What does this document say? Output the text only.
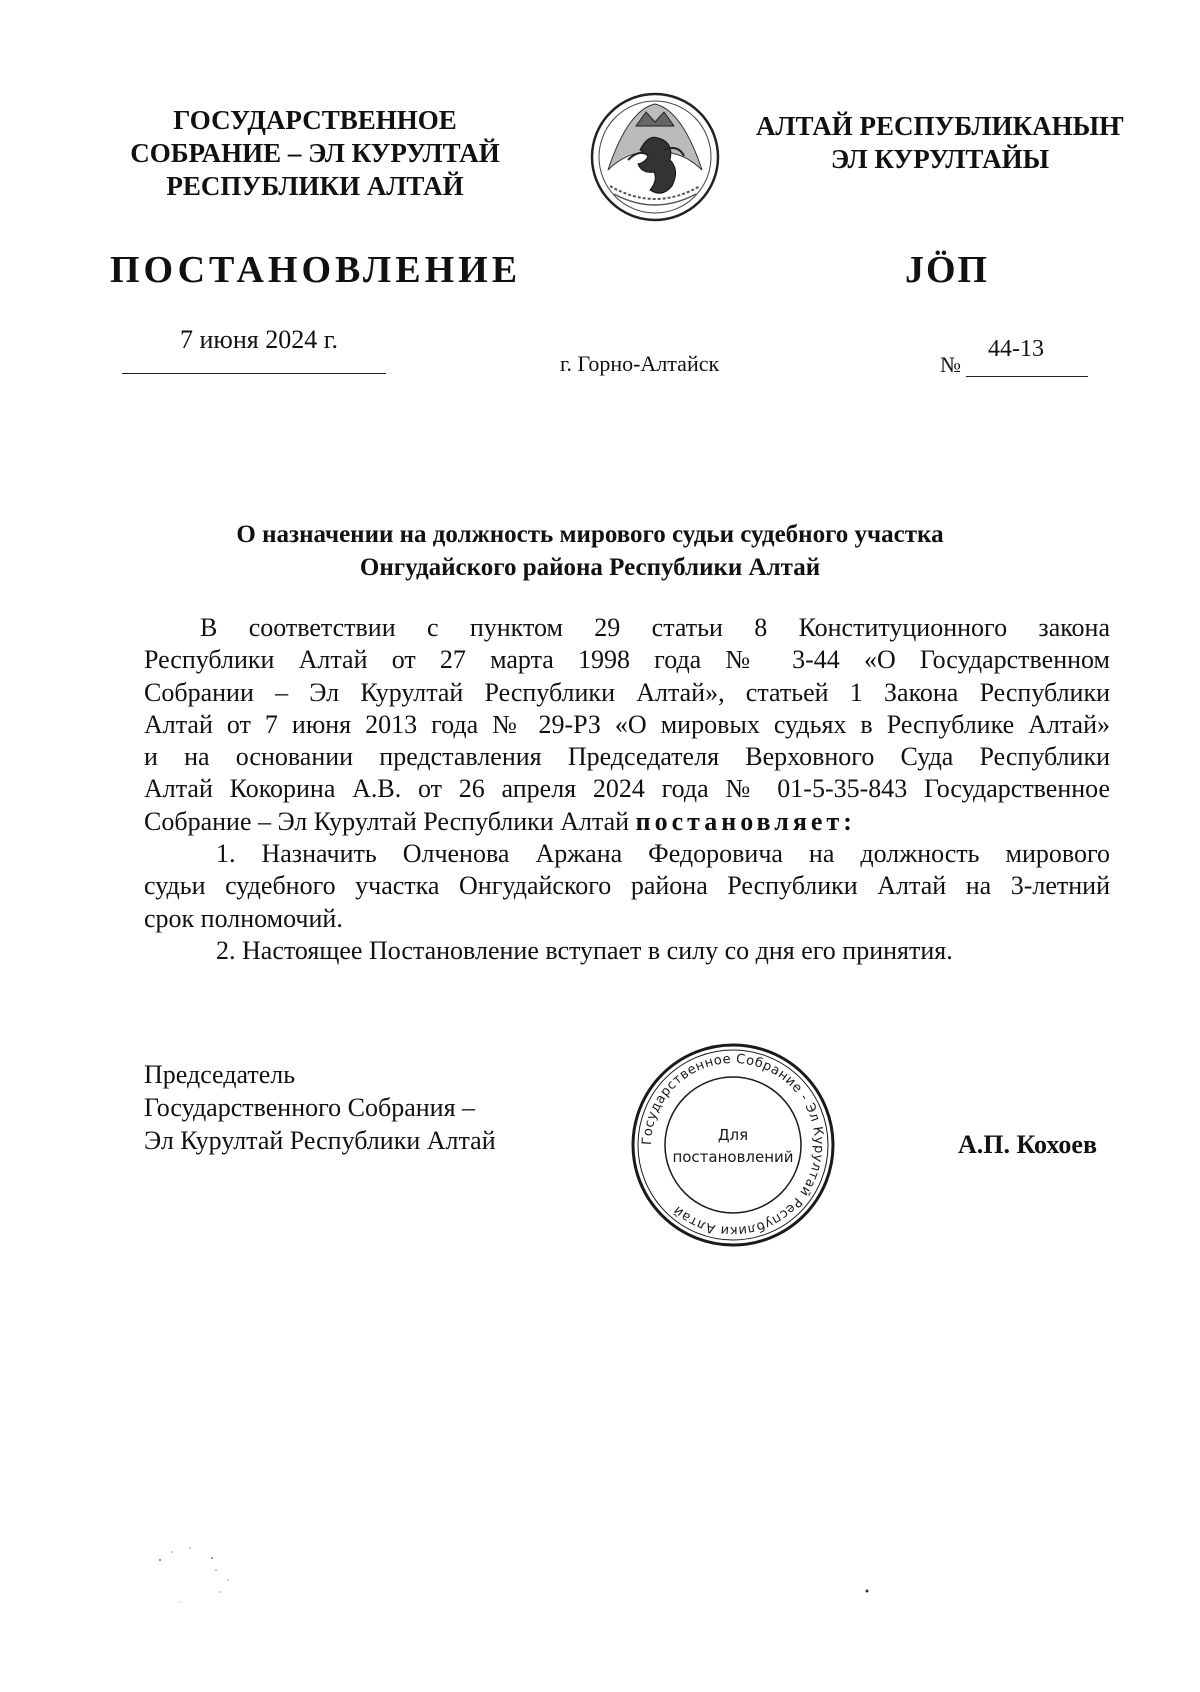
ГОСУДАРСТВЕННОЕ
СОБРАНИЕ – ЭЛ КУРУЛТАЙ
РЕСПУБЛИКИ АЛТАЙ
АЛТАЙ РЕСПУБЛИКАНЫҤ
ЭЛ КУРУЛТАЙЫ
ПОСТАНОВЛЕНИЕ	JӦП
7 июня 2024 г.
г. Горно-Алтайск	№
44-13
О назначении на должность мирового судьи судебного участка
Онгудайского района Республики Алтай
В соответствии с пунктом 29 статьи 8 Конституционного закона
Республики Алтай от 27 марта 1998 года № 3-44 «О Государственном
Собрании – Эл Курултай Республики Алтай», статьей 1 Закона Республики
Алтай от 7 июня 2013 года № 29-РЗ «О мировых судьях в Республике Алтай»
и на основании представления Председателя Верховного Суда Республики
Алтай Кокорина А.В. от 26 апреля 2024 года № 01-5-35-843 Государственное
Собрание – Эл Курултай Республики Алтай постановляет:
1. Назначить Олченова Аржана Федоровича на должность мирового
судьи судебного участка Онгудайского района Республики Алтай на 3-летний
срок полномочий.
2. Настоящее Постановление вступает в силу со дня его принятия.
Председатель
Государственного Собрания –
Эл Курултай Республики Алтай	Государственное Собрание - Эл Курултай Республики Алтай
Для
постановлений	А.П. Кохоев
